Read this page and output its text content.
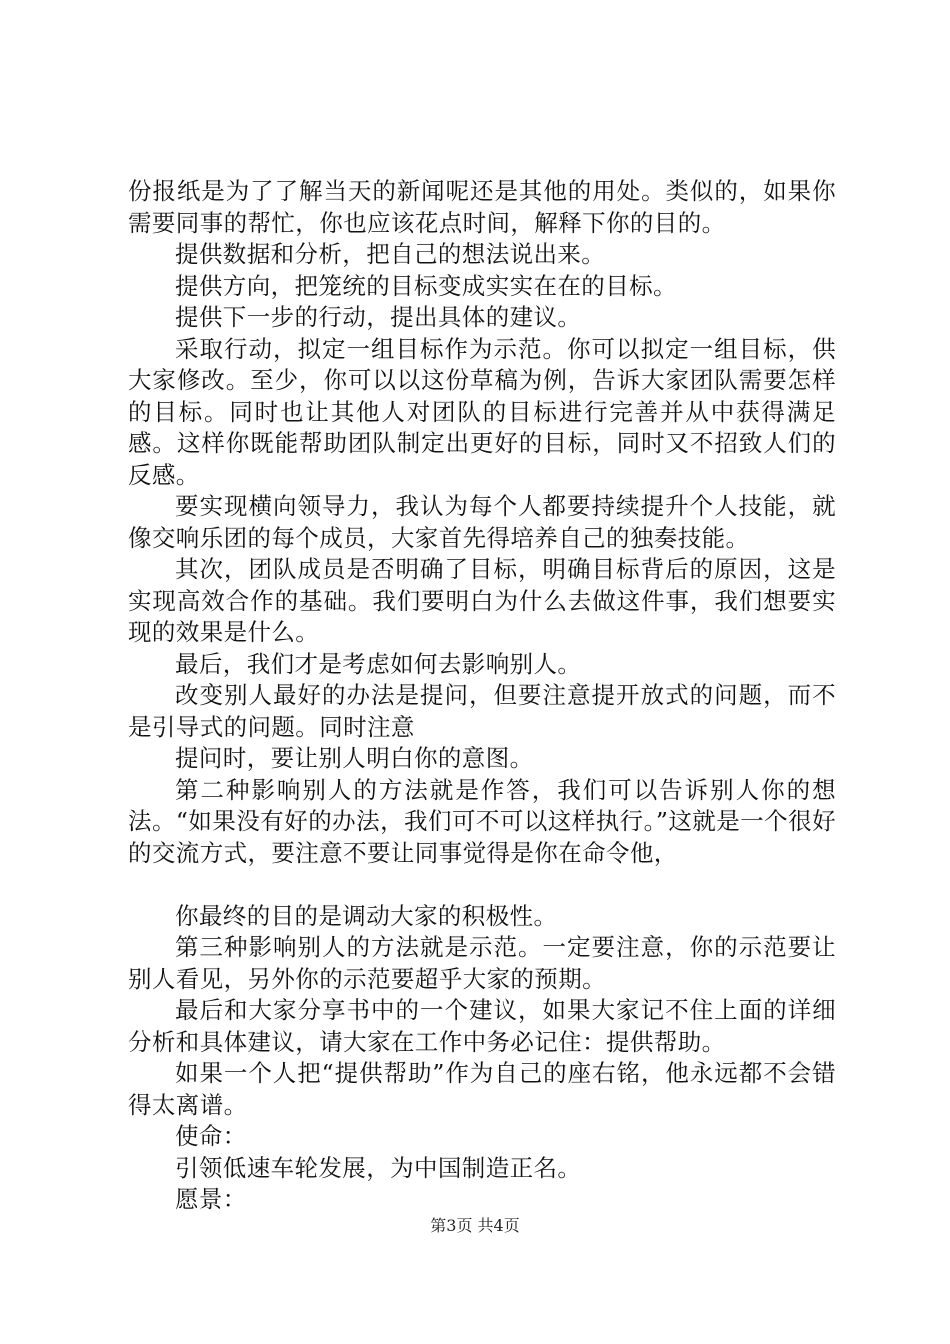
份报纸是为了了解当天的新闻呢还是其他的用处。类似的，如果你需要同事的帮忙，你也应该花点时间，解释下你的目的。

提供数据和分析，把自己的想法说出来。

提供方向，把笼统的目标变成实实在在的目标。

提供下一步的行动，提出具体的建议。

采取行动，拟定一组目标作为示范。你可以拟定一组目标，供大家修改。至少，你可以以这份草稿为例，告诉大家团队需要怎样的目标。同时也让其他人对团队的目标进行完善并从中获得满足感。这样你既能帮助团队制定出更好的目标，同时又不招致人们的反感。

要实现横向领导力，我认为每个人都要持续提升个人技能，就像交响乐团的每个成员，大家首先得培养自己的独奏技能。

其次，团队成员是否明确了目标，明确目标背后的原因，这是实现高效合作的基础。我们要明白为什么去做这件事，我们想要实现的效果是什么。

最后，我们才是考虑如何去影响别人。

改变别人最好的办法是提问，但要注意提开放式的问题，而不是引导式的问题。同时注意

提问时，要让别人明白你的意图。

第二种影响别人的方法就是作答，我们可以告诉别人你的想法。“如果没有好的办法，我们可不可以这样执行。”这就是一个很好的交流方式，要注意不要让同事觉得是你在命令他，

你最终的目的是调动大家的积极性。

第三种影响别人的方法就是示范。一定要注意，你的示范要让别人看见，另外你的示范要超乎大家的预期。

最后和大家分享书中的一个建议，如果大家记不住上面的详细分析和具体建议，请大家在工作中务必记住：提供帮助。

如果一个人把“提供帮助”作为自己的座右铭，他永远都不会错得太离谱。

使命：

引领低速车轮发展，为中国制造正名。

愿景：

第3页 共4页
